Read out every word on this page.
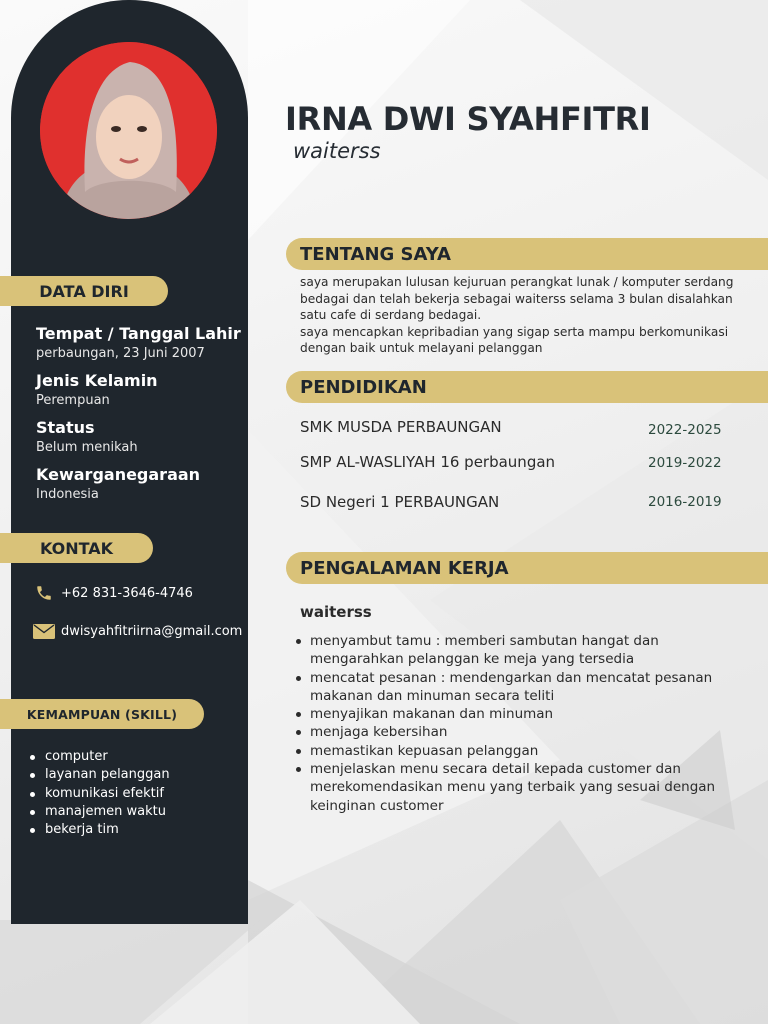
DATA DIRI
Tempat / Tanggal Lahir
perbaungan, 23 Juni 2007
Jenis Kelamin
Perempuan
Status
Belum menikah
Kewarganegaraan
Indonesia
KONTAK
+62 831-3646-4746
dwisyahfitriirna@gmail.com
KEMAMPUAN (SKILL)
computer
layanan pelanggan
komunikasi efektif
manajemen waktu
bekerja tim
IRNA DWI SYAHFITRI
waiterss
TENTANG SAYA
saya merupakan lulusan kejuruan perangkat lunak / komputer serdang bedagai dan telah bekerja sebagai waiterss selama 3 bulan disalahkan satu cafe di serdang bedagai.
saya mencapkan kepribadian yang sigap serta mampu berkomunikasi dengan baik untuk melayani pelanggan
PENDIDIKAN
SMK MUSDA PERBAUNGAN	2022-2025
SMP AL-WASLIYAH 16 perbaungan	2019-2022
SD Negeri 1 PERBAUNGAN	2016-2019
PENGALAMAN KERJA
waiterss
menyambut tamu : memberi sambutan hangat dan mengarahkan pelanggan ke meja yang tersedia
mencatat pesanan : mendengarkan dan mencatat pesanan makanan dan minuman secara teliti
menyajikan makanan dan minuman
menjaga kebersihan
memastikan kepuasan pelanggan
menjelaskan menu secara detail kepada customer dan merekomendasikan menu yang terbaik yang sesuai dengan keinginan customer
